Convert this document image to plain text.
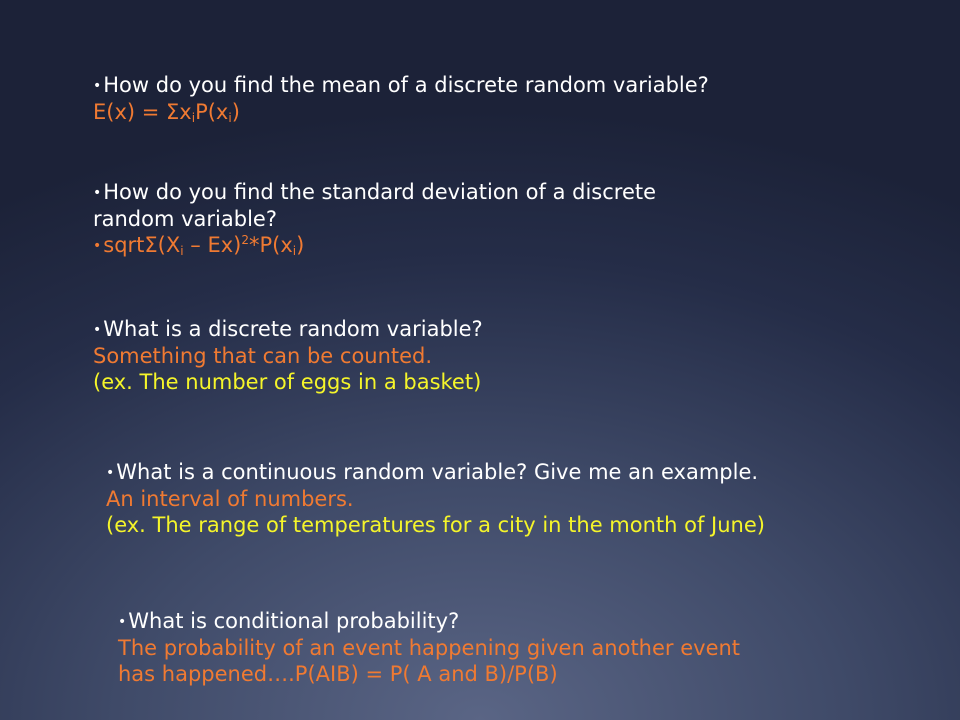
•How do you find the mean of a discrete random variable?
$E(x) = \Sigma x_iP(x_i)$
•How do you find the standard deviation of a discrete
random variable?
$•sqrt\Sigma(X_i - Ex)^2*P(x_i)$
•What is a discrete random variable?
Something that can be counted.
(ex. The number of eggs in a basket)
•What is a continuous random variable? Give me an example.
An interval of numbers.
(ex. The range of temperatures for a city in the month of June)
•What is conditional probability?
The probability of an event happening given another event
has happened….P(AIB) = P( A and B)/P(B)
